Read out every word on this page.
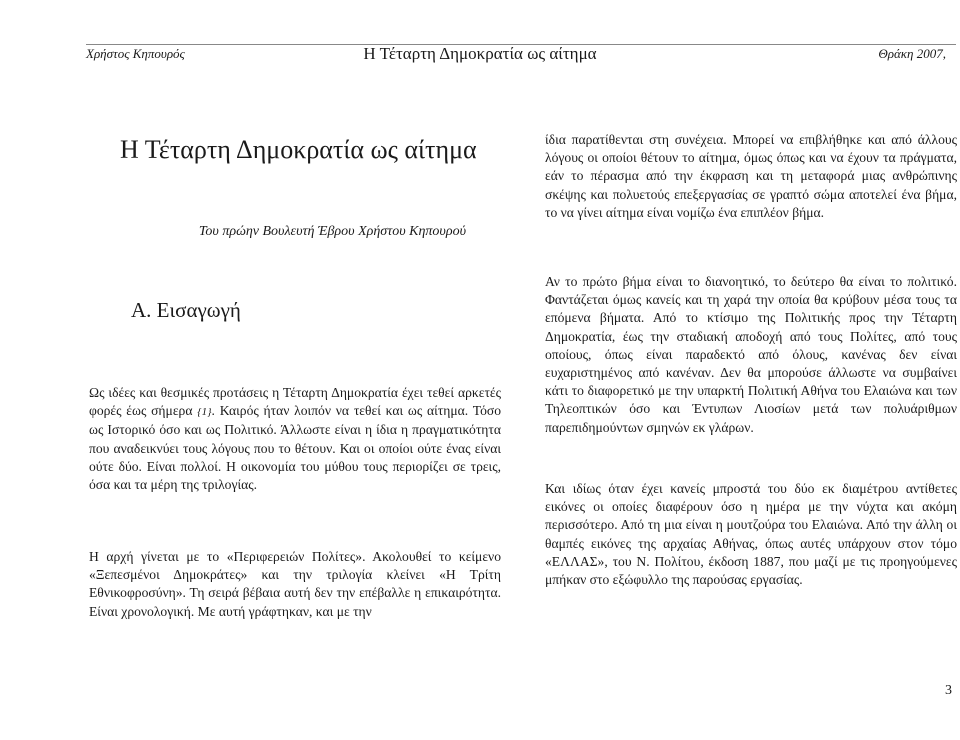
Χρήστος Κηπουρός	Η Τέταρτη Δημοκρατία ως αίτημα	Θράκη 2007,
Η Τέταρτη Δημοκρατία ως αίτημα
Του πρώην Βουλευτή Έβρου Χρήστου Κηπουρού
Α. Εισαγωγή
Ως ιδέες και θεσμικές προτάσεις η Τέταρτη Δημοκρατία έχει τεθεί αρκετές φορές έως σήμερα {1}. Καιρός ήταν λοιπόν να τεθεί και ως αίτημα. Τόσο ως Ιστορικό όσο και ως Πολιτικό. Άλλωστε είναι η ίδια η πραγματικότητα που αναδεικνύει τους λόγους που το θέτουν. Και οι οποίοι ούτε ένας είναι ούτε δύο. Είναι πολλοί. Η οικονομία του μύθου τους περιορίζει σε τρεις, όσα και τα μέρη της τριλογίας.
Η αρχή γίνεται με το «Περιφερειών Πολίτες». Ακολουθεί το κείμενο «Ξεπεσμένοι Δημοκράτες» και την τριλογία κλείνει «Η Τρίτη Εθνικοφροσύνη». Τη σειρά βέβαια αυτή δεν την επέβαλλε η επικαιρότητα. Είναι χρονολογική. Με αυτή γράφτηκαν, και με την
ίδια παρατίθενται στη συνέχεια. Μπορεί να επιβλήθηκε και από άλλους λόγους οι οποίοι θέτουν το αίτημα, όμως όπως και να έχουν τα πράγματα, εάν το πέρασμα από την έκφραση και τη μεταφορά μιας ανθρώπινης σκέψης και πολυετούς επεξεργασίας σε γραπτό σώμα αποτελεί ένα βήμα, το να γίνει αίτημα είναι νομίζω ένα επιπλέον βήμα.
Αν το πρώτο βήμα είναι το διανοητικό, το δεύτερο θα είναι το πολιτικό. Φαντάζεται όμως κανείς και τη χαρά την οποία θα κρύβουν μέσα τους τα επόμενα βήματα. Από το κτίσιμο της Πολιτικής προς την Τέταρτη Δημοκρατία, έως την σταδιακή αποδοχή από τους Πολίτες, από τους οποίους, όπως είναι παραδεκτό από όλους, κανένας δεν είναι ευχαριστημένος από κανέναν. Δεν θα μπορούσε άλλωστε να συμβαίνει κάτι το διαφορετικό με την υπαρκτή Πολιτική Αθήνα του Ελαιώνα και των Τηλεοπτικών όσο και Έντυπων Λιοσίων μετά των πολυάριθμων παρεπιδημούντων σμηνών εκ γλάρων.
Και ιδίως όταν έχει κανείς μπροστά του δύο εκ διαμέτρου αντίθετες εικόνες οι οποίες διαφέρουν όσο η ημέρα με την νύχτα και ακόμη περισσότερο. Από τη μια είναι η μουτζούρα του Ελαιώνα. Από την άλλη οι θαμπές εικόνες της αρχαίας Αθήνας, όπως αυτές υπάρχουν στον τόμο «ΕΛΛΑΣ», του Ν. Πολίτου, έκδοση 1887, που μαζί με τις προηγούμενες μπήκαν στο εξώφυλλο της παρούσας εργασίας.
3
